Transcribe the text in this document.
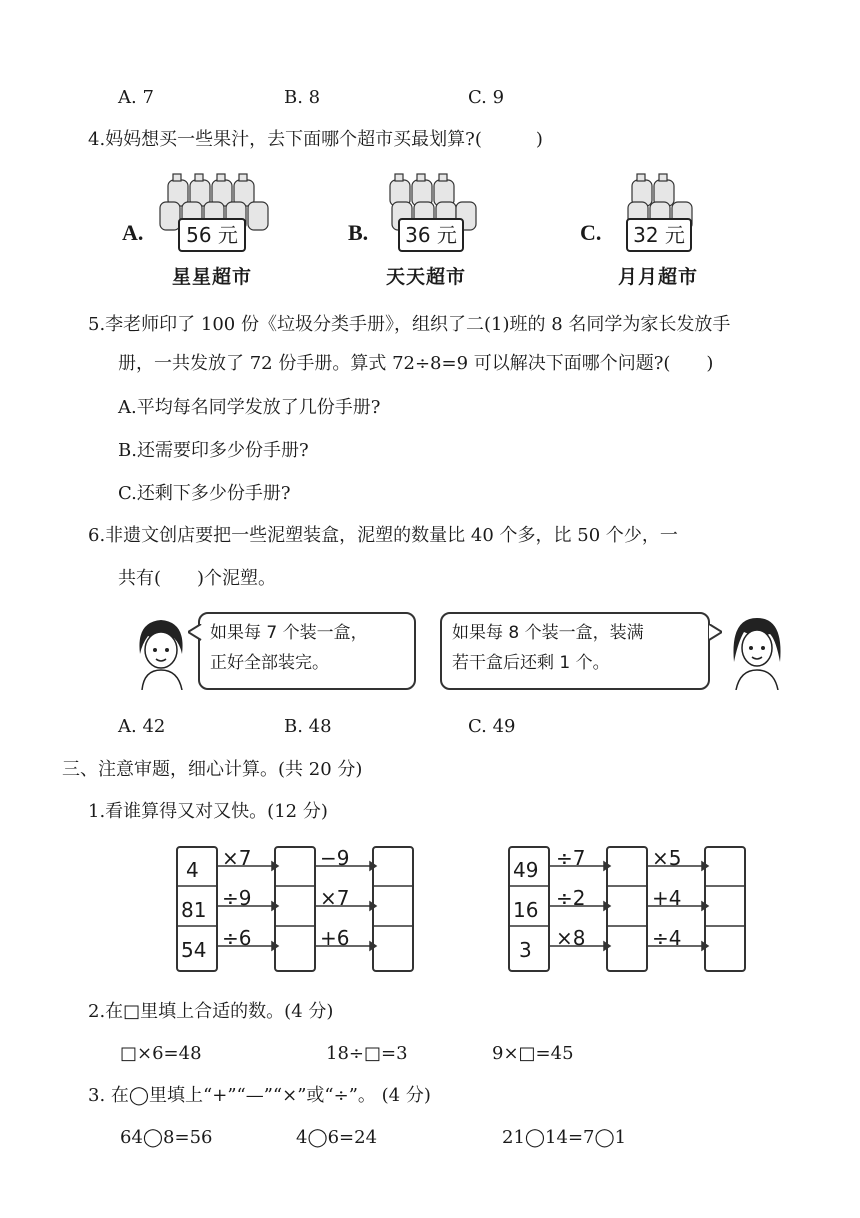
A. 7	B. 8	C. 9
4.妈妈想买一些果汁，去下面哪个超市买最划算?(　　　)
A.	56 元
星星超市
B.	36 元
天天超市
C.	32 元
月月超市
5.李老师印了 100 份《垃圾分类手册》，组织了二(1)班的 8 名同学为家长发放手
册，一共发放了 72 份手册。算式 72÷8=9 可以解决下面哪个问题?(　　)
A.平均每名同学发放了几份手册?
B.还需要印多少份手册?
C.还剩下多少份手册?
6.非遗文创店要把一些泥塑装盒，泥塑的数量比 40 个多，比 50 个少，一
共有(　　)个泥塑。
如果每 7 个装一盒，
正好全部装完。
如果每 8 个装一盒，装满
若干盒后还剩 1 个。
A. 42	B. 48	C. 49
三、注意审题，细心计算。(共 20 分)
1.看谁算得又对又快。(12 分)
4
81
54
×7
÷9
÷6
−9
×7
+6
49
16
3
÷7
÷2
×8
×5
+4
÷4
2.在□里填上合适的数。(4 分)
□×6=48	18÷□=3	9×□=45
3. 在◯里填上“+”“—”“×”或“÷”。 (4 分)
64◯8=56	4◯6=24	21◯14=7◯1
